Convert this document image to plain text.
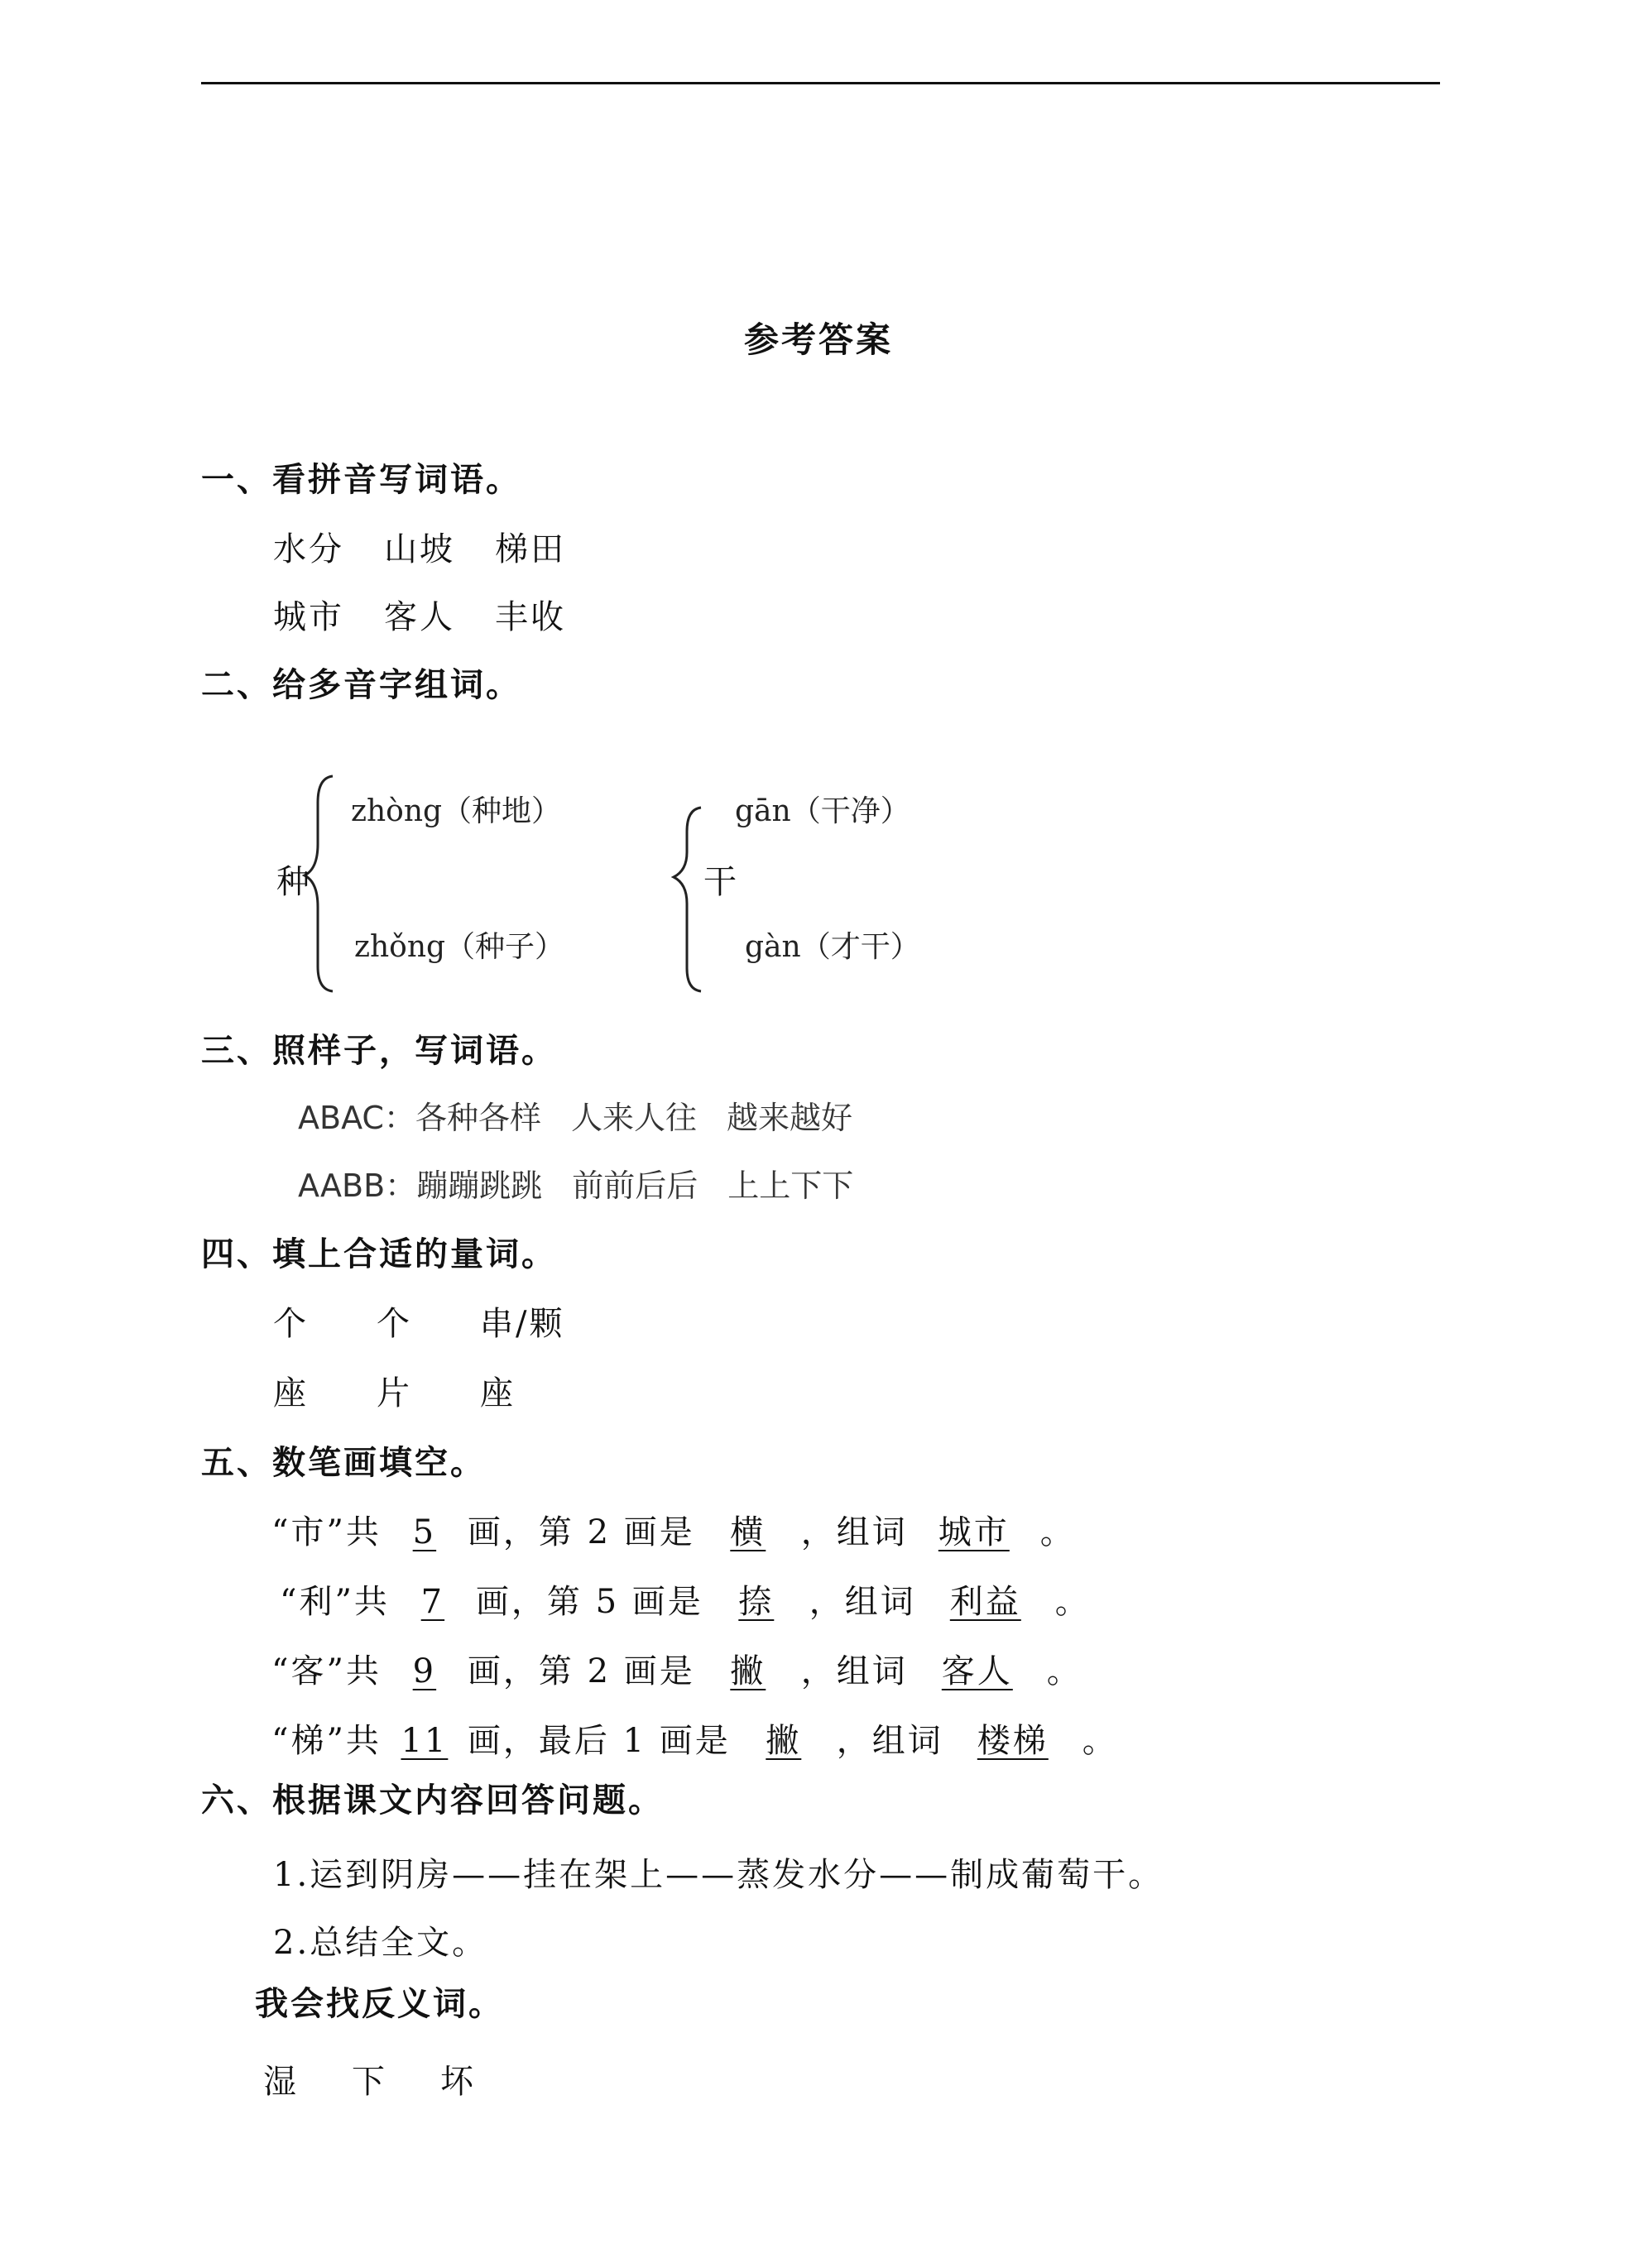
参考答案
一、看拼音写词语。
水分 山坡 梯田
城市 客人 丰收
二、给多音字组词。
种
zhòng（种地）
zhǒng（种子）
干
gān（干净）
gàn（才干）
三、照样子，写词语。
ABAC：各种各样 人来人往 越来越好
AABB：蹦蹦跳跳 前前后后 上上下下
四、填上合适的量词。
个 个 串/颗
座 片 座
五、数笔画填空。
“市”共 5 画，第 2 画是 横 ，组词 城市 。
“利”共 7 画，第 5 画是 捺 ，组词 利益 。
“客”共 9 画，第 2 画是 撇 ，组词 客人 。
“梯”共 11 画，最后 1 画是 撇 ，组词 楼梯 。
六、根据课文内容回答问题。
1.运到阴房——挂在架上——蒸发水分——制成葡萄干。
2.总结全文。
我会找反义词。
湿 下 坏
